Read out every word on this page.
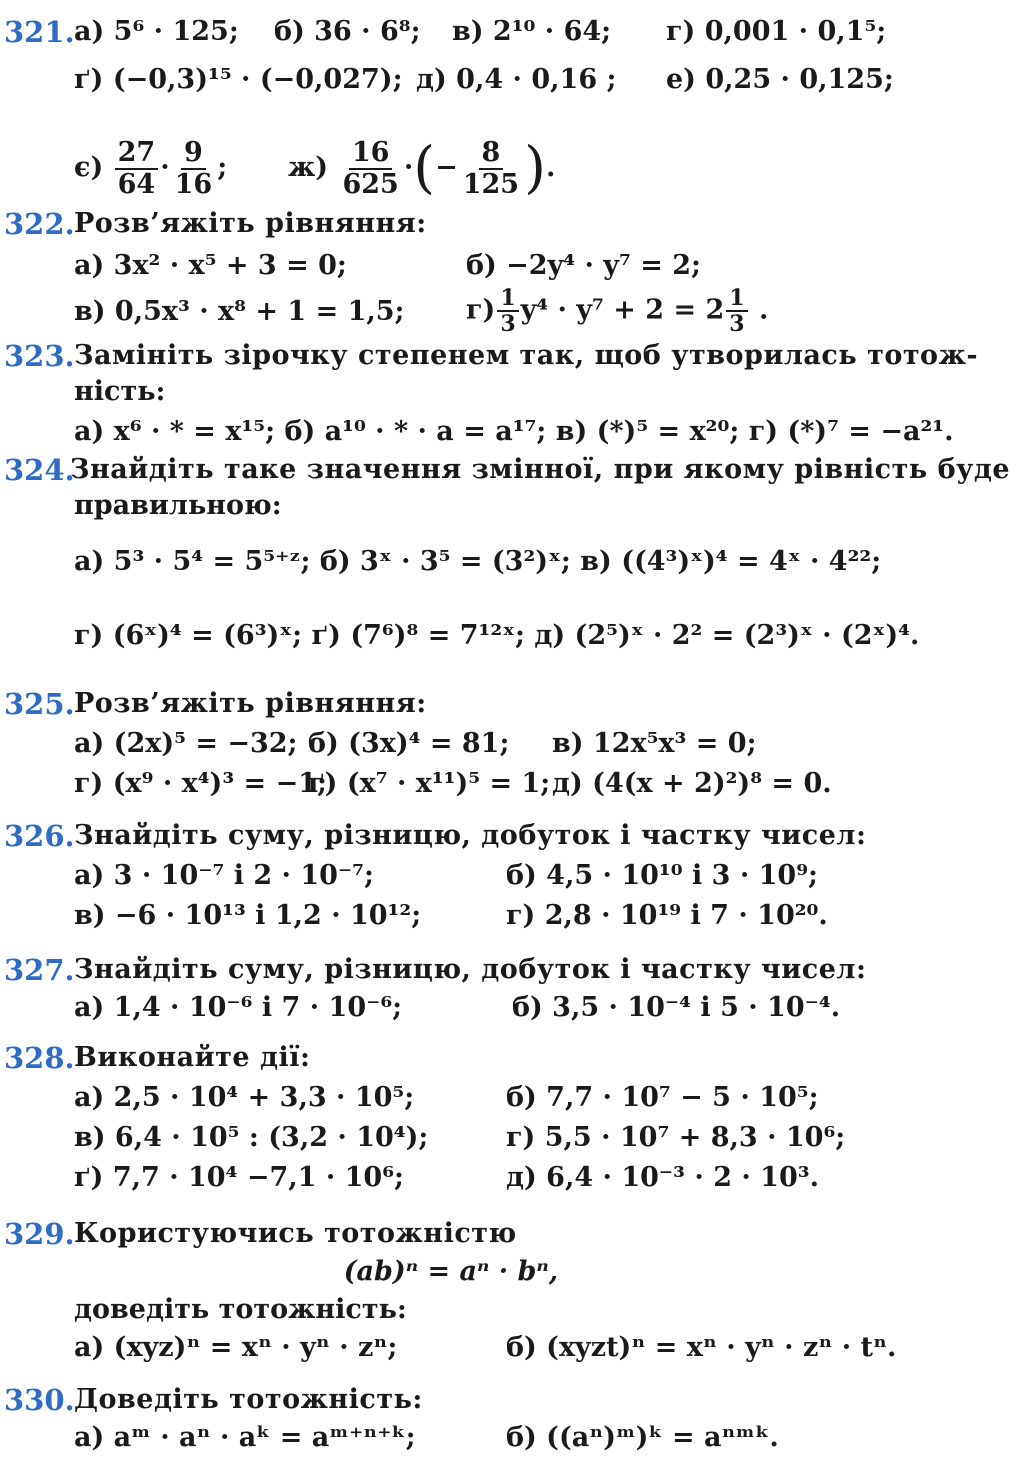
321. а) 5⁶ · 125; б) 36 · 6⁸; в) 2¹⁰ · 64; г) 0,001 · 0,1⁵;
ґ) (−0,3)¹⁵ · (−0,027); д) 0,4 · 0,16 ; е) 0,25 · 0,125;
$є) \frac{27}{64} \cdot \frac{9}{16}$ ; $ж) \frac{16}{625}$ ·(− $\frac{8}{125}$ ).
322. Розв’яжіть рівняння:
а) 3x² · x⁵ + 3 = 0;	б) −2y⁴ · y⁷ = 2;
в) 0,5x³ · x⁸ + 1 = 1,5; $г) \frac{1}{3} y^4 \cdot y^7 + 2 = 2 \frac{1}{3}$ .
323. Замініть зірочку степенем так, щоб утворилась тотож-
ність:
а) x⁶ · * = x¹⁵; б) a¹⁰ · * · a = a¹⁷; в) (*)⁵ = x²⁰; г) (*)⁷ = −a²¹.
324.
Знайдіть таке значення змінної, при якому рівність буде
правильною:
а) 5³ · 5⁴ = 5⁵⁺ᶻ; б) 3ˣ · 3⁵ = (3²)ˣ; в) ((4³)ˣ)⁴ = 4ˣ · 4²²;
г) (6ˣ)⁴ = (6³)ˣ; ґ) (7⁶)⁸ = 7¹²ˣ; д) (2⁵)ˣ · 2² = (2³)ˣ · (2ˣ)⁴.
325. Розв’яжіть рівняння:
а) (2x)⁵ = −32; б) (3x)⁴ = 81; в) 12x⁵x³ = 0;
г) (x⁹ · x⁴)³ = −1;
ґ) (x⁷ · x¹¹)⁵ = 1; д) (4(x + 2)²)⁸ = 0.
326. Знайдіть суму, різницю, добуток і частку чисел:
а) 3 · 10⁻⁷ і 2 · 10⁻⁷;	б) 4,5 · 10¹⁰ і 3 · 10⁹;
в) −6 · 10¹³ і 1,2 · 10¹²;	г) 2,8 · 10¹⁹ і 7 · 10²⁰.
327. Знайдіть суму, різницю, добуток і частку чисел:
а) 1,4 · 10⁻⁶ і 7 · 10⁻⁶;	б) 3,5 · 10⁻⁴ і 5 · 10⁻⁴.
328. Виконайте дії:
а) 2,5 · 10⁴ + 3,3 · 10⁵;	б) 7,7 · 10⁷ − 5 · 10⁵;
в) 6,4 · 10⁵ : (3,2 · 10⁴);	г) 5,5 · 10⁷ + 8,3 · 10⁶;
ґ) 7,7 · 10⁴ −7,1 · 10⁶;	д) 6,4 · 10⁻³ · 2 · 10³.
329. Користуючись тотожністю
(ab)ⁿ = aⁿ · bⁿ,
доведіть тотожність:
а) (xyz)ⁿ = xⁿ · yⁿ · zⁿ;	б) (xyzt)ⁿ = xⁿ · yⁿ · zⁿ · tⁿ.
330. Доведіть тотожність:
а) aᵐ · aⁿ · aᵏ = aᵐ⁺ⁿ⁺ᵏ;	б) ((aⁿ)ᵐ)ᵏ = aⁿᵐᵏ.
